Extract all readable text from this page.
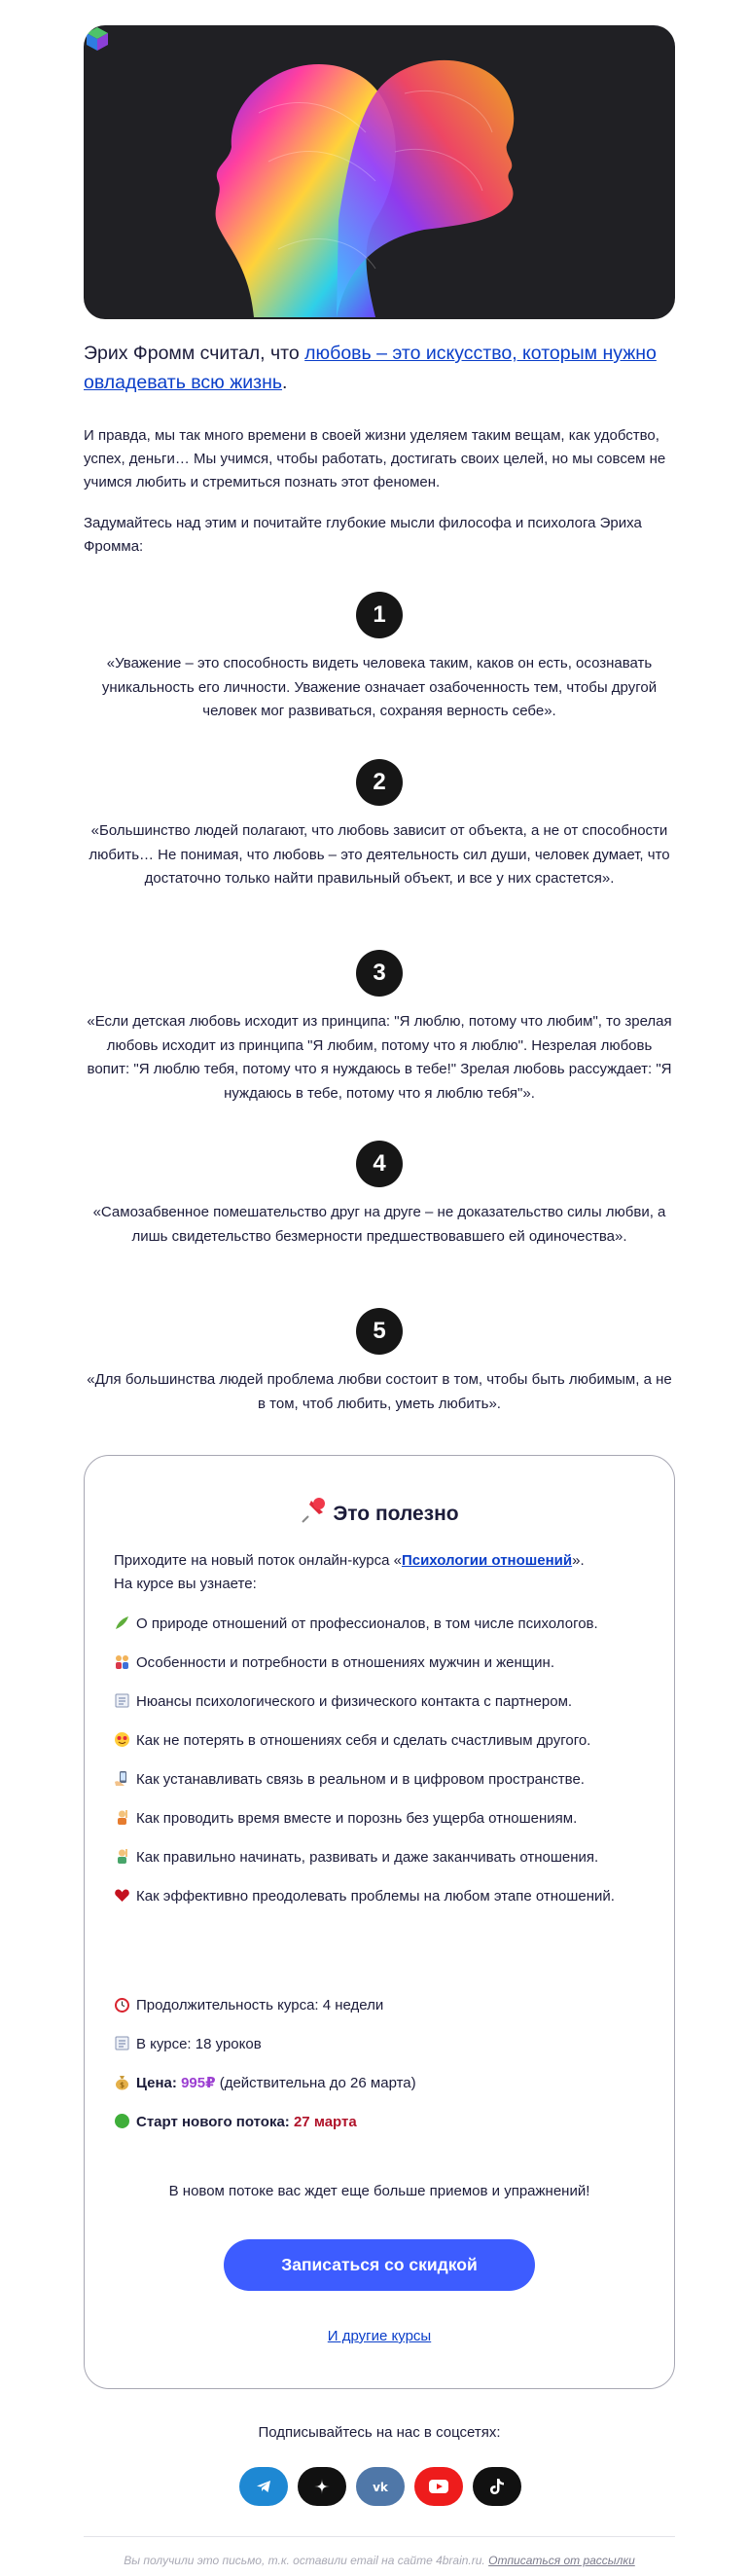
Эрих Фромм считал, что любовь – это искусство, которым нужно овладевать всю жизнь.
И правда, мы так много времени в своей жизни уделяем таким вещам, как удобство, успех, деньги… Мы учимся, чтобы работать, достигать своих целей, но мы совсем не учимся любить и стремиться познать этот феномен.
Задумайтесь над этим и почитайте глубокие мысли философа и психолога Эриха Фромма:
1
«Уважение – это способность видеть человека таким, каков он есть, осознавать уникальность его личности. Уважение означает озабоченность тем, чтобы другой человек мог развиваться, сохраняя верность себе».
2
«Большинство людей полагают, что любовь зависит от объекта, а не от способности любить… Не понимая, что любовь – это деятельность сил души, человек думает, что достаточно только найти правильный объект, и все у них срастется».
3
«Если детская любовь исходит из принципа: "Я люблю, потому что любим", то зрелая любовь исходит из принципа "Я любим, потому что я люблю". Незрелая любовь вопит: "Я люблю тебя, потому что я нуждаюсь в тебе!" Зрелая любовь рассуждает: "Я нуждаюсь в тебе, потому что я люблю тебя"».
4
«Самозабвенное помешательство друг на друге – не доказательство силы любви, а лишь свидетельство безмерности предшествовавшего ей одиночества».
5
«Для большинства людей проблема любви состоит в том, чтобы быть любимым, а не в том, чтоб любить, уметь любить».
Это полезно
Приходите на новый поток онлайн-курса «Психологии отношений».
На курсе вы узнаете:
О природе отношений от профессионалов, в том числе психологов.
Особенности и потребности в отношениях мужчин и женщин.
Нюансы психологического и физического контакта с партнером.
Как не потерять в отношениях себя и сделать счастливым другого.
Как устанавливать связь в реальном и в цифровом пространстве.
Как проводить время вместе и порознь без ущерба отношениям.
Как правильно начинать, развивать и даже заканчивать отношения.
Как эффективно преодолевать проблемы на любом этапе отношений.
Продолжительность курса: 4 недели
В курсе: 18 уроков
$ Цена: 995₽ (действительна до 26 марта)
Старт нового потока: 27 марта
В новом потоке вас ждет еще больше приемов и упражнений!
Записаться со скидкой
И другие курсы
Подписывайтесь на нас в соцсетях:
vk
Вы получили это письмо, т.к. оставили email на сайте 4brain.ru. Отписаться от рассылки
